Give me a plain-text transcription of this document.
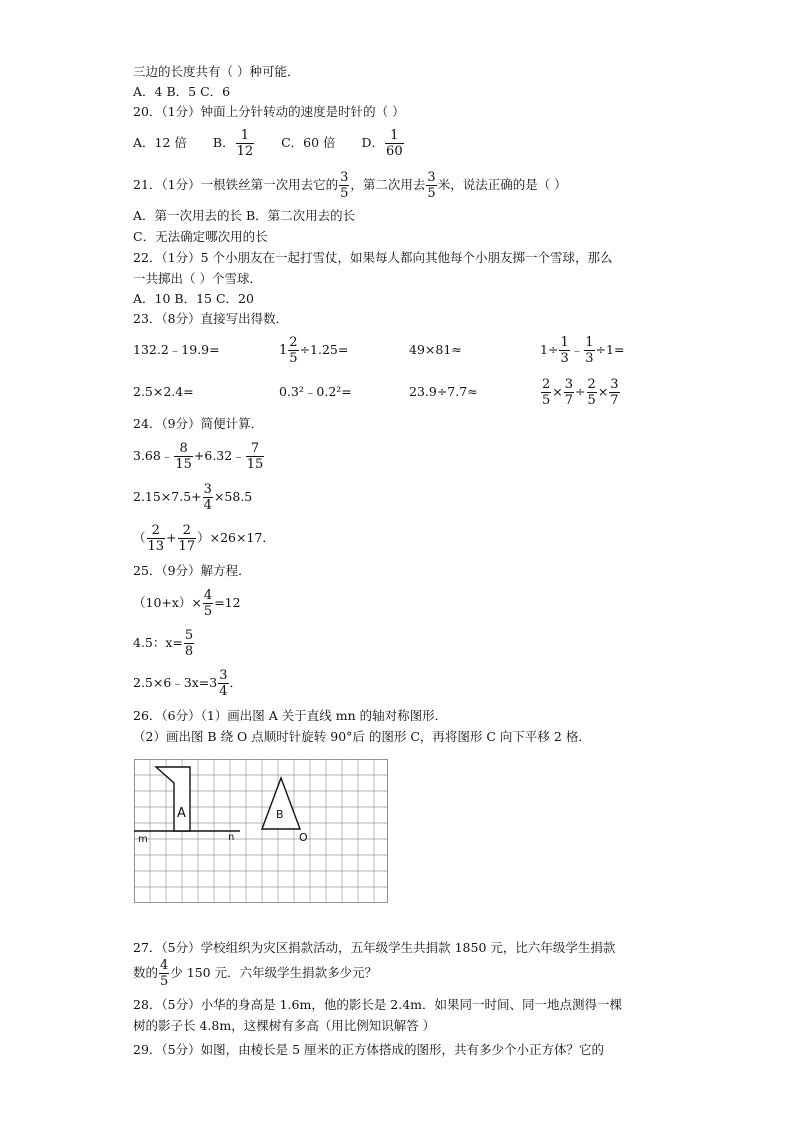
三边的长度共有（ ）种可能．
A．4 B．5 C．6
20．（1分）钟面上分针转动的速度是时针的（ ）
A．12 倍 B． $\frac{1}{12}$ C．60 倍 D． $\frac{1}{60}$
21．（1分）一根铁丝第一次用去它的 $\frac{3}{5}$ ，第二次用去 $\frac{3}{5}$ 米，说法正确的是（ ）
A．第一次用去的长 B．第二次用去的长
C．无法确定哪次用的长
22．（1分）5 个小朋友在一起打雪仗，如果每人都向其他每个小朋友掷一个雪球，那么
一共掷出（ ）个雪球．
A．10 B．15 C．20
23．（8分）直接写出得数．
132.2﹣19.9=	$1 \frac{2}{5} \div 1.25=$	49×81≈	$1\div \frac{1}{3}$ ﹣ $\frac{1}{3} \div 1=$
2.5×2.4=	0.3²﹣0.2²=	23.9÷7.7≈	$\frac{2}{5} \times \frac{3}{7} \div \frac{2}{5} \times \frac{3}{7}$
24．（9分）简便计算．
3.68﹣ $\frac{8}{15}$ +6.32﹣ $\frac{7}{15}$
$2.15\times 7.5+ \frac{3}{4} \times 58.5$
（ $\frac{2}{13} + \frac{2}{17} )\times 26\times 17$．
25．（9分）解方程．
$(10+x)\times \frac{4}{5} =12$
4.5：$x= \frac{5}{8}$
2.5×6﹣3x=3 $\frac{3}{4}$ ．
26．（6分）（1）画出图 A 关于直线 mn 的轴对称图形．
（2）画出图 B 绕 O 点顺时针旋转 90°后 的图形 C，再将图形 C 向下平移 2 格．
A	B
O
m	n
27．（5分）学校组织为灾区捐款活动，五年级学生共捐款 1850 元，比六年级学生捐款
数的 $\frac{4}{5}$ 少 150 元．六年级学生捐款多少元？
28．（5分）小华的身高是 1.6m，他的影长是 2.4m．如果同一时间、同一地点测得一棵
树的影子长 4.8m，这棵树有多高（用比例知识解答 ）
29．（5分）如图，由棱长是 5 厘米的正方体搭成的图形，共有多少个小正方体？它的
